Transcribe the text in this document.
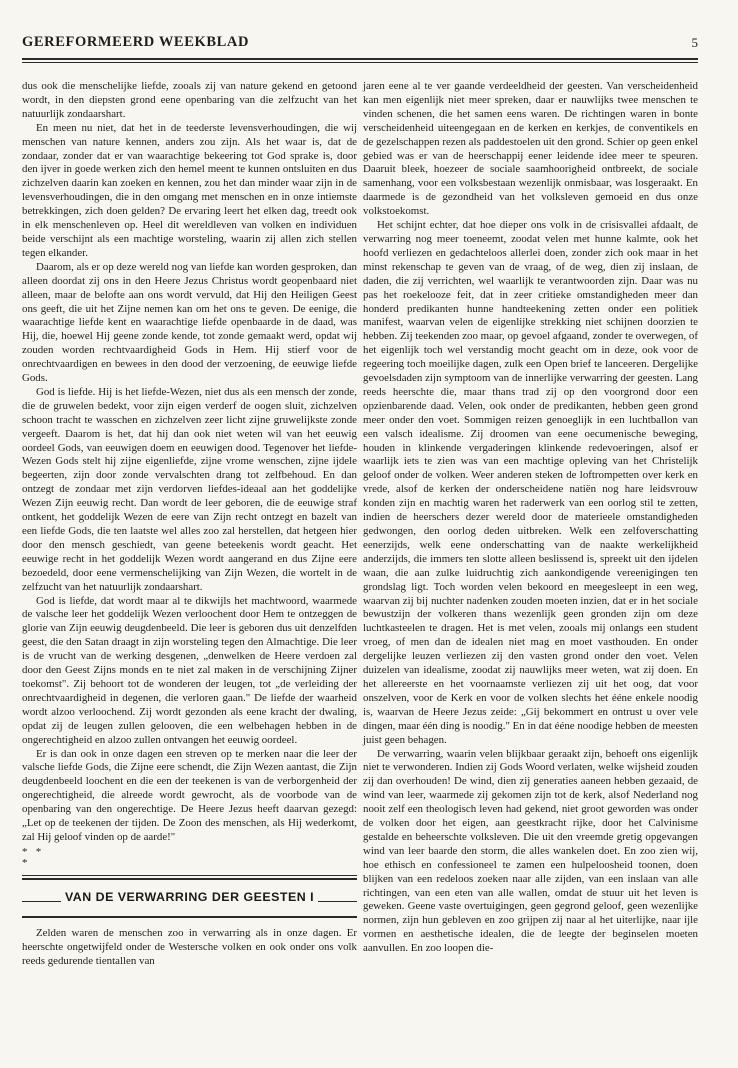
GEREFORMEERD WEEKBLAD	5

dus ook die menschelijke liefde, zooals zij van nature gekend en getoond wordt, in den diepsten grond eene openbaring van die zelfzucht van het natuurlijk zondaarshart.

En meen nu niet, dat het in de teederste levensverhoudingen, die wij menschen van nature kennen, anders zou zijn. Als het waar is, dat de zondaar, zonder dat er van waarachtige bekeering tot God sprake is, door den ijver in goede werken zich den hemel meent te kunnen ontsluiten en dus zichzelven daarin kan zoeken en kennen, zou het dan minder waar zijn in de levensverhoudingen, die in den omgang met menschen en in onze intiemste betrekkingen, zich doen gelden? De ervaring leert het elken dag, treedt ook in elk menschenleven op. Heel dit wereldleven van volken en individuen beide verschijnt als een machtige worsteling, waarin zij allen zich stellen tegen elkander.

Daarom, als er op deze wereld nog van liefde kan worden gesproken, dan alleen doordat zij ons in den Heere Jezus Christus wordt geopenbaard niet alleen, maar de belofte aan ons wordt vervuld, dat Hij den Heiligen Geest ons geeft, die uit het Zijne nemen kan om het ons te geven. De eenige, die waarachtige liefde kent en waarachtige liefde openbaarde in de daad, was Hij, die, hoewel Hij geene zonde kende, tot zonde gemaakt werd, opdat wij zouden worden rechtvaardigheid Gods in Hem. Hij stierf voor de onrechtvaardigen en bewees in den dood der verzoening, de eeuwige liefde Gods.

God is liefde. Hij is het liefde-Wezen, niet dus als een mensch der zonde, die de gruwelen bedekt, voor zijn eigen verderf de oogen sluit, zichzelven schoon tracht te wasschen en zichzelven zeer licht zijne gruwelijkste zonde vergeeft. Daarom is het, dat hij dan ook niet weten wil van het eeuwig oordeel Gods, van eeuwigen doem en eeuwigen dood. Tegenover het liefde-Wezen Gods stelt hij zijne eigenliefde, zijne vrome wenschen, zijne ijdele begeerten, zijn door zonde vervalschten drang tot zelfbehoud. En dan ontzegt de zondaar met zijn verdorven liefdes-ideaal aan het goddelijke Wezen Zijn eeuwig recht. Dan wordt de leer geboren, die de eeuwige straf ontkent, het goddelijk Wezen de eere van Zijn recht ontzegt en bazelt van een liefde Gods, die ten laatste wel alles zoo zal herstellen, dat hetgeen hier door den mensch geschiedt, van geene beteekenis wordt geacht. Het eeuwige recht in het goddelijk Wezen wordt aangerand en dus Zijne eere bezoedeld, door eene vermenschelijking van Zijn Wezen, die wortelt in de zelfzucht van het natuurlijk zondaarshart.

God is liefde, dat wordt maar al te dikwijls het machtwoord, waarmede de valsche leer het goddelijk Wezen verloochent door Hem te ontzeggen de glorie van Zijn eeuwig deugdenbeeld. Die leer is geboren dus uit denzelfden geest, die den Satan draagt in zijn worsteling tegen den Almachtige. Die leer is de vrucht van de werking desgenen, „denwelken de Heere verdoen zal door den Geest Zijns monds en te niet zal maken in de verschijning Zijner toekomst". Zij behoort tot de wonderen der leugen, tot „de verleiding der onrechtvaardigheid in degenen, die verloren gaan." De liefde der waarheid wordt alzoo verloochend. Zij wordt gezonden als eene kracht der dwaling, opdat zij de leugen zullen gelooven, die een welbehagen hebben in de ongerechtigheid en alzoo zullen ontvangen het eeuwig oordeel.

Er is dan ook in onze dagen een streven op te merken naar die leer der valsche liefde Gods, die Zijne eere schendt, die Zijn Wezen aantast, die Zijn deugdenbeeld loochent en die een der teekenen is van de verborgenheid der ongerechtigheid, die alreede wordt gewrocht, als de voorbode van de openbaring van den ongerechtige. De Heere Jezus heeft daarvan gezegd: „Let op de teekenen der tijden. De Zoon des menschen, als Hij wederkomt, zal Hij geloof vinden op de aarde!"

*   *
*
VAN DE VERWARRING DER GEESTEN I

Zelden waren de menschen zoo in verwarring als in onze dagen. Er heerschte ongetwijfeld onder de Westersche volken en ook onder ons volk reeds gedurende tientallen van

jaren eene al te ver gaande verdeeldheid der geesten. Van verscheidenheid kan men eigenlijk niet meer spreken, daar er nauwlijks twee menschen te vinden schenen, die het samen eens waren. De richtingen waren in bonte verscheidenheid uiteengegaan en de kerken en kerkjes, de conventikels en de gezelschappen rezen als paddestoelen uit den grond. Schier op geen enkel gebied was er van de heerschappij eener leidende idee meer te speuren. Daaruit bleek, hoezeer de sociale saamhoorigheid ontbreekt, de sociale samenhang, voor een volksbestaan wezenlijk onmisbaar, was losgeraakt. En daarmede is de gezondheid van het volksleven gemoeid en dus onze volkstoekomst.

Het schijnt echter, dat hoe dieper ons volk in de crisisvallei afdaalt, de verwarring nog meer toeneemt, zoodat velen met hunne kalmte, ook het hoofd verliezen en gedachteloos allerlei doen, zonder zich ook maar in het minst rekenschap te geven van de vraag, of de weg, dien zij inslaan, de daden, die zij verrichten, wel waarlijk te verantwoorden zijn. Daar was nu pas het roekelooze feit, dat in zeer critieke omstandigheden meer dan honderd predikanten hunne handteekening zetten onder een politiek manifest, waarvan velen de eigenlijke strekking niet schijnen doorzien te hebben. Zij teekenden zoo maar, op gevoel afgaand, zonder te overwegen, of het eigenlijk toch wel verstandig mocht geacht om in deze, ook voor de regeering toch moeilijke dagen, zulk een Open brief te lanceeren. Dergelijke gevoelsdaden zijn symptoom van de innerlijke verwarring der geesten. Lang reeds heerschte die, maar thans trad zij op den voorgrond door een opzienbarende daad. Velen, ook onder de predikanten, hebben geen grond meer onder den voet. Sommigen reizen genoeglijk in een luchtballon van een valsch idealisme. Zij droomen van eene oecumenische beweging, houden in klinkende vergaderingen klinkende redevoeringen, alsof er waarlijk iets te zien was van een machtige opleving van het Christelijk geloof onder de volken. Weer anderen steken de loftrompetten over kerk en vrede, alsof de kerken der onderscheidene natiën nog hare leidsvrouw konden zijn en machtig waren het raderwerk van een oorlog stil te zetten, indien de heerschers dezer wereld door de materieele omstandigheden gedwongen, den oorlog deden uitbreken. Welk een zelfoverschatting eenerzijds, welk eene onderschatting van de naakte werkelijkheid anderzijds, die immers ten slotte alleen beslissend is, spreekt uit den ijdelen waan, die aan zulke luidruchtig zich aankondigende vereenigingen ten grondslag ligt. Toch worden velen bekoord en meegesleept in een weg, waarvan zij bij nuchter nadenken zouden moeten inzien, dat er in het sociale bewustzijn der volkeren thans wezenlijk geen gronden zijn om deze luchtkasteelen te dragen. Het is met velen, zooals mij onlangs een student vroeg, of men dan de idealen niet mag en moet vasthouden. En onder dergelijke leuzen verliezen zij den vasten grond onder den voet. Velen duizelen van idealisme, zoodat zij nauwlijks meer weten, wat zij doen. En het allereerste en het voornaamste verliezen zij uit het oog, dat voor onszelven, voor de Kerk en voor de volken slechts het ééne enkele noodig is, waarvan de Heere Jezus zeide: „Gij bekommert en ontrust u over vele dingen, maar één ding is noodig." En in dat ééne noodige hebben de meesten juist geen behagen.

De verwarring, waarin velen blijkbaar geraakt zijn, behoeft ons eigenlijk niet te verwonderen. Indien zij Gods Woord verlaten, welke wijsheid zouden zij dan overhouden! De wind, dien zij generaties aaneen hebben gezaaid, de wind van leer, waarmede zij gekomen zijn tot de kerk, alsof Nederland nog nooit zelf een theologisch leven had gekend, niet groot geworden was onder de volken door het eigen, aan geestkracht rijke, door het Calvinisme gestalde en beheerschte volksleven. Die uit den vreemde gretig opgevangen wind van leer baarde den storm, die alles wankelen doet. En zoo zien wij, hoe ethisch en confessioneel te zamen een hulpeloosheid toonen, doen blijken van een redeloos zoeken naar alle zijden, van een inslaan van alle richtingen, van een eten van alle wallen, omdat de stuur uit het leven is geweken. Geene vaste overtuigingen, geen gegrond geloof, geen wezenlijke normen, zijn hun gebleven en zoo grijpen zij naar al het uiterlijke, naar ijle vormen en aesthetische idealen, die de leegte der beginselen moeten aanvullen. En zoo loopen die-
